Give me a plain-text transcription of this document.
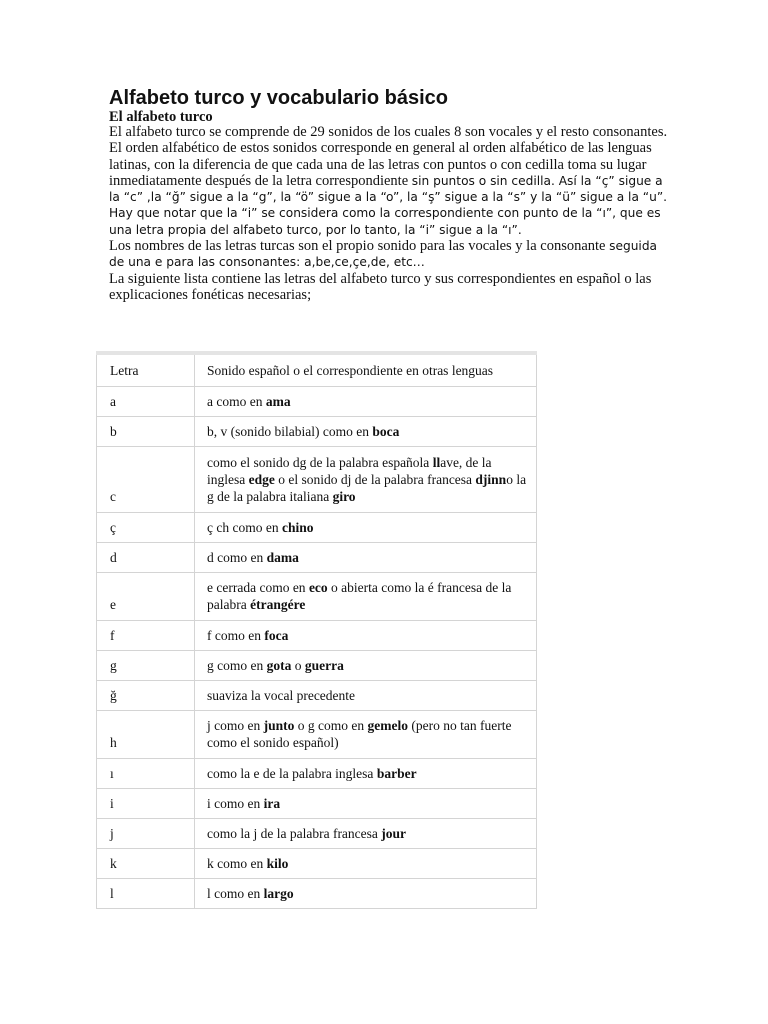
Alfabeto turco y vocabulario básico
El alfabeto turco

El alfabeto turco se comprende de 29 sonidos de los cuales 8 son vocales y el resto consonantes. El orden alfabético de estos sonidos corresponde en general al orden alfabético de las lenguas latinas, con la diferencia de que cada una de las letras con puntos o con cedilla toma su lugar inmediatamente después de la letra correspondiente sin puntos o sin cedilla. Así la “ç” sigue a la “c” ,la “ğ” sigue a la “g”, la “ö” sigue a la “o”, la “ş” sigue a la “s” y la “ü” sigue a la “u”. Hay que notar que la “i” se considera como la correspondiente con punto de la “ı”, que es una letra propia del alfabeto turco, por lo tanto, la “i” sigue a la “ı”.

Los nombres de las letras turcas son el propio sonido para las vocales y la consonante seguida de una e para las consonantes: a,be,ce,çe,de, etc…

La siguiente lista contiene las letras del alfabeto turco y sus correspondientes en español o las explicaciones fonéticas necesarias;

Letra	Sonido español o el correspondiente en otras lenguas
a	a como en ama
b	b, v (sonido bilabial) como en boca
c	como el sonido dg de la palabra española llave, de la inglesa edge o el sonido dj de la palabra francesa djinno la g de la palabra italiana giro
ç	ç ch como en chino
d	d como en dama
e	e cerrada como en eco o abierta como la é francesa de la palabra étrangére
f	f como en foca
g	g como en gota o guerra
ğ	suaviza la vocal precedente
h	j como en junto o g como en gemelo (pero no tan fuerte como el sonido español)
ı	como la e de la palabra inglesa barber
i	i como en ira
j	como la j de la palabra francesa jour
k	k como en kilo
l	l como en largo
